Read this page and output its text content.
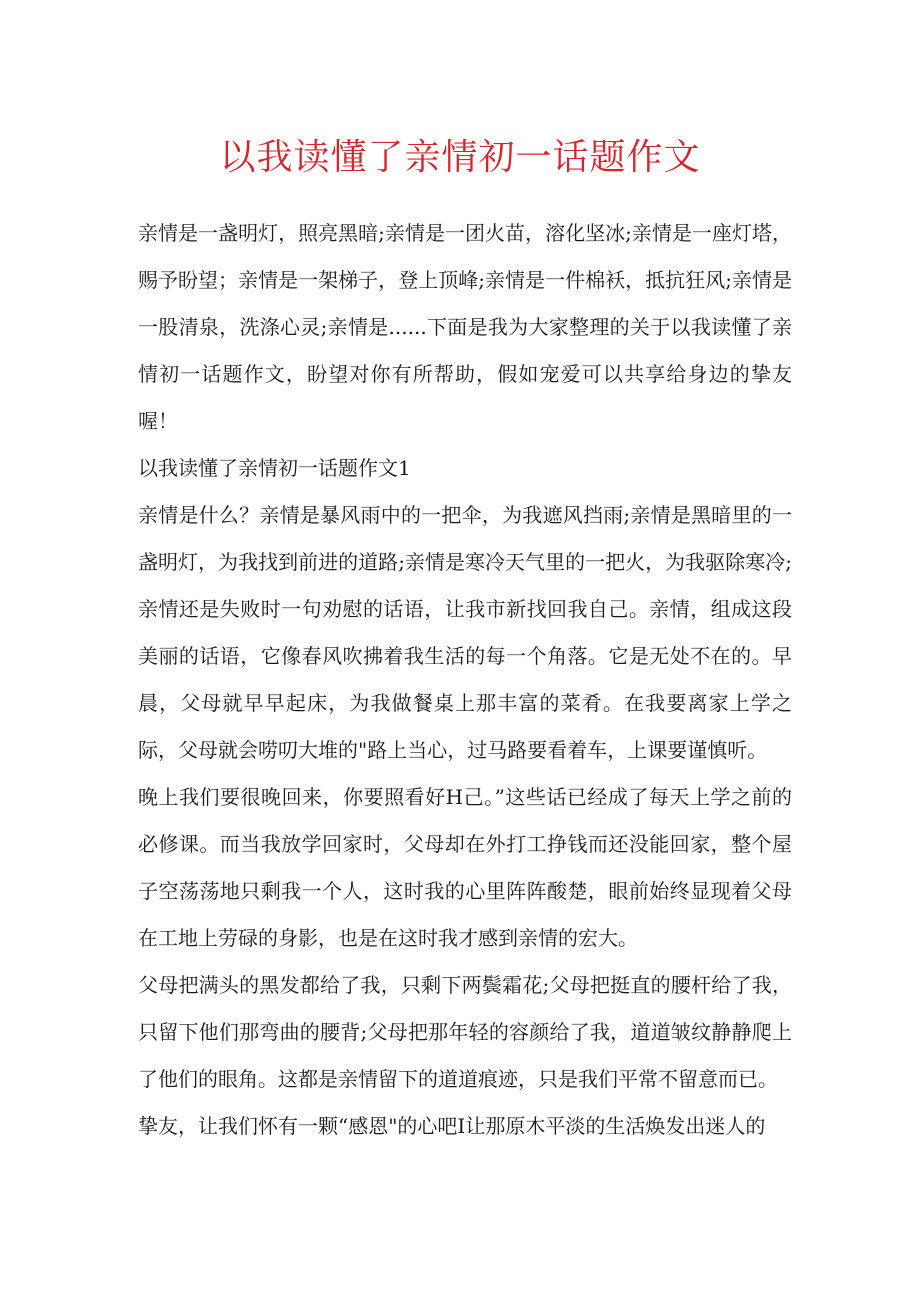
以我读懂了亲情初一话题作文

亲情是一盏明灯，照亮黑暗;亲情是一团火苗，溶化坚冰;亲情是一座灯塔，赐予盼望；亲情是一架梯子，登上顶峰;亲情是一件棉袄，抵抗狂风;亲情是一股清泉，洗涤心灵;亲情是......下面是我为大家整理的关于以我读懂了亲情初一话题作文，盼望对你有所帮助，假如宠爱可以共享给身边的挚友喔！

以我读懂了亲情初一话题作文1

亲情是什么？亲情是暴风雨中的一把伞，为我遮风挡雨;亲情是黑暗里的一盏明灯，为我找到前进的道路;亲情是寒冷天气里的一把火，为我驱除寒冷;亲情还是失败时一句劝慰的话语，让我市新找回我自己。亲情，组成这段美丽的话语，它像春风吹拂着我生活的每一个角落。它是无处不在的。早晨，父母就早早起床，为我做餐桌上那丰富的菜肴。在我要离家上学之际，父母就会唠叨大堆的"路上当心，过马路要看着车，上课要谨慎听。

晚上我们要很晚回来，你要照看好H己。”这些话已经成了每天上学之前的必修课。而当我放学回家时，父母却在外打工挣钱而还没能回家，整个屋子空荡荡地只剩我一个人，这时我的心里阵阵酸楚，眼前始终显现着父母在工地上劳碌的身影，也是在这时我才感到亲情的宏大。

父母把满头的黑发都给了我，只剩下两鬓霜花;父母把挺直的腰杆给了我，只留下他们那弯曲的腰背;父母把那年轻的容颜给了我，道道皱纹静静爬上了他们的眼角。这都是亲情留下的道道痕迹，只是我们平常不留意而已。

挚友，让我们怀有一颗“感恩"的心吧I让那原木平淡的生活焕发出迷人的
